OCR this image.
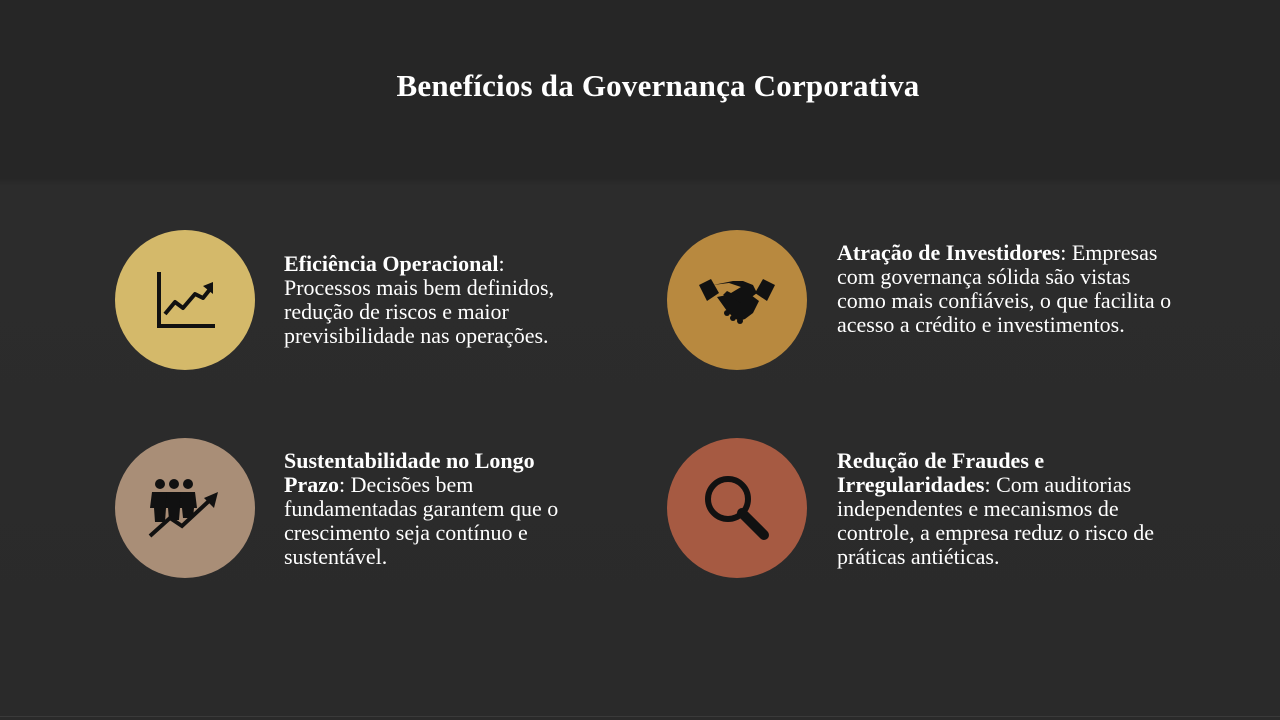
Benefícios da Governança Corporativa
Eficiência Operacional: Processos mais bem definidos, redução de riscos e maior previsibilidade nas operações.
Atração de Investidores: Empresas com governança sólida são vistas como mais confiáveis, o que facilita o acesso a crédito e investimentos.
Sustentabilidade no Longo Prazo: Decisões bem fundamentadas garantem que o crescimento seja contínuo e sustentável.
Redução de Fraudes e Irregularidades: Com auditorias independentes e mecanismos de controle, a empresa reduz o risco de práticas antiéticas.
